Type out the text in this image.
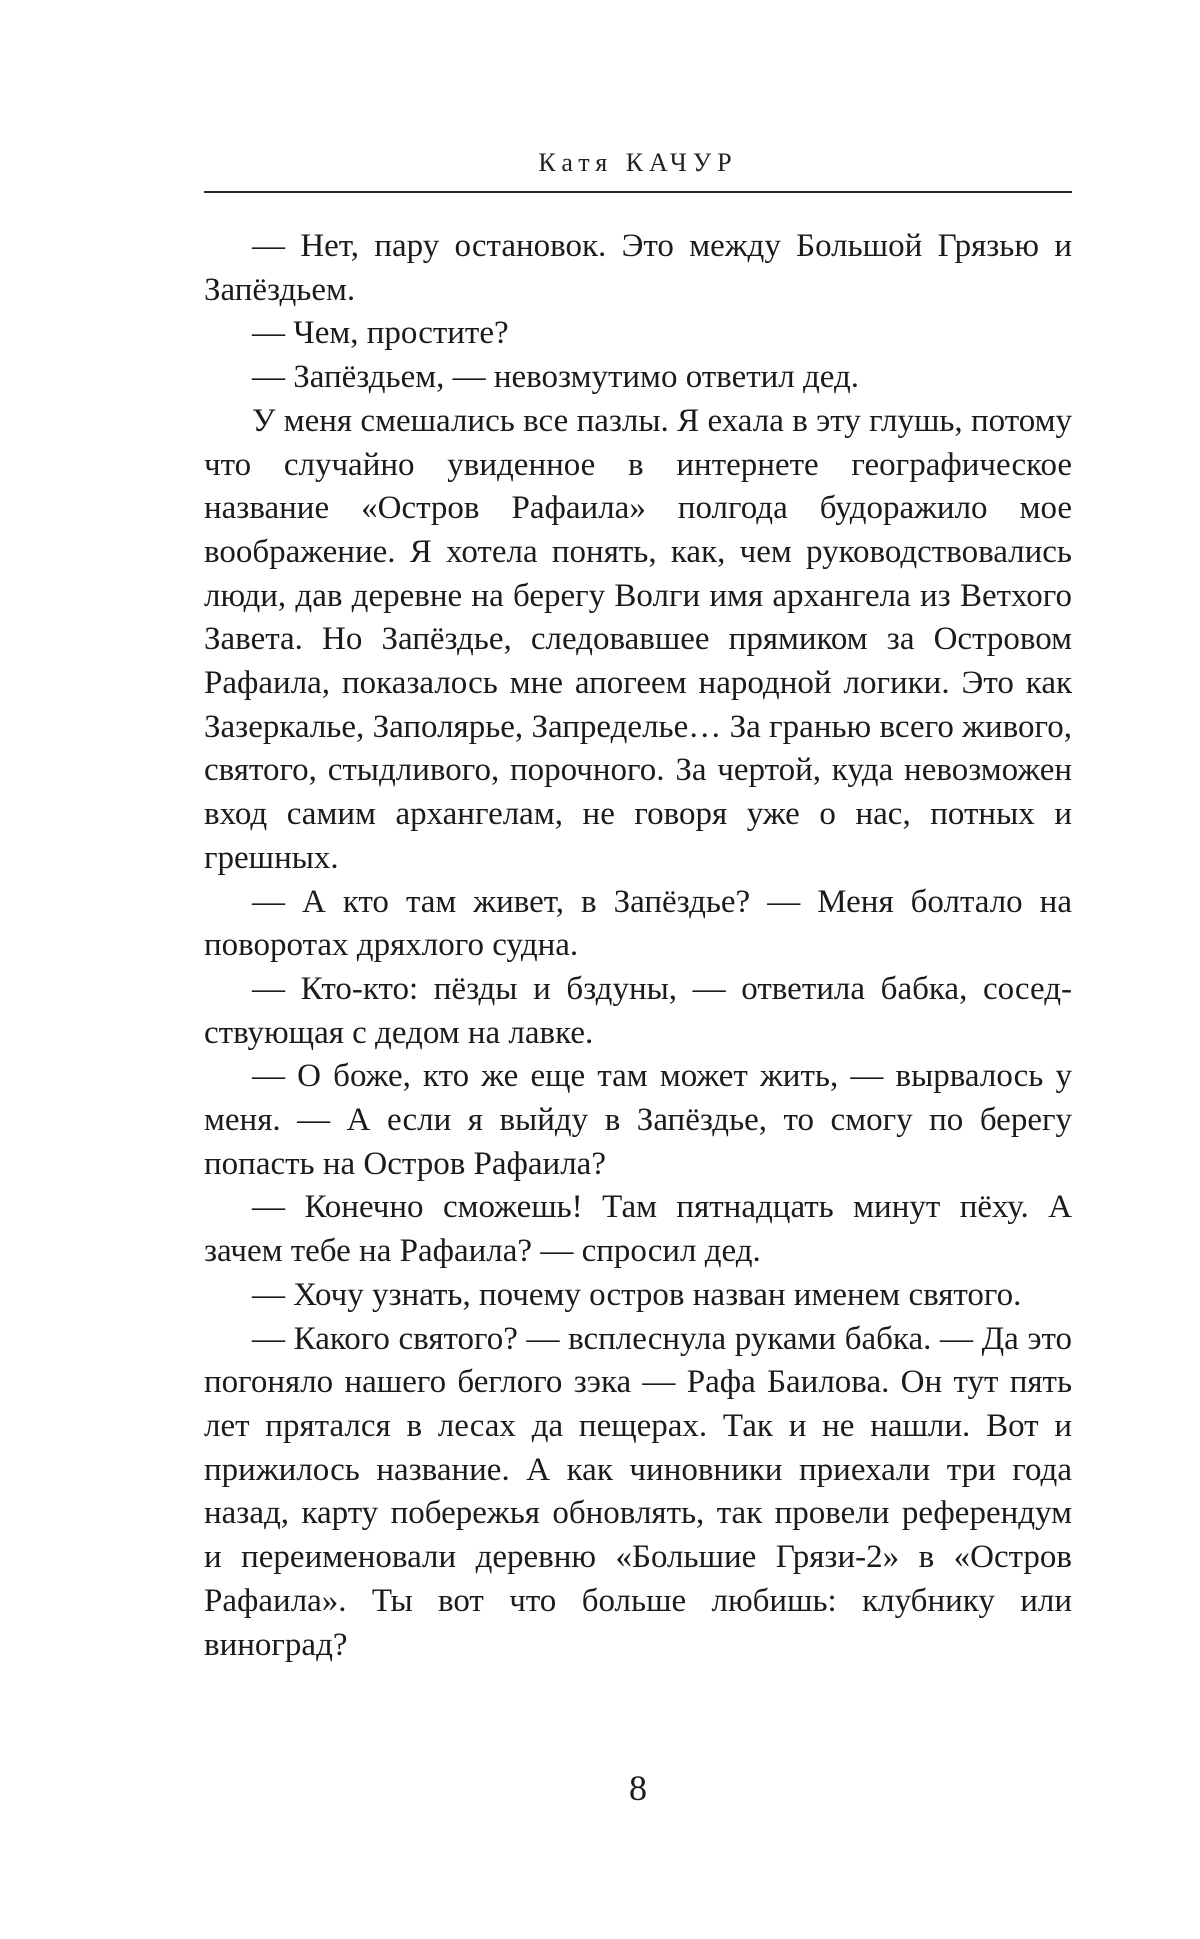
Катя КАЧУР

— Нет, пару остановок. Это между Большой Грязью и Запёздьем.

— Чем, простите?

— Запёздьем, — невозмутимо ответил дед.

У меня смешались все пазлы. Я ехала в эту глушь, потому что случайно увиденное в интернете географическое название «Остров Рафаила» полгода будоражило мое воображение. Я хотела понять, как, чем руководствовались люди, дав деревне на берегу Волги имя архангела из Ветхого Завета. Но Запёздье, следовавшее прямиком за Островом Рафаила, показалось мне апогеем народной логики. Это как Зазеркалье, Заполярье, Запределье… За гранью всего живого, святого, стыдливого, порочного. За чертой, куда невозможен вход самим архангелам, не говоря уже о нас, потных и грешных.

— А кто там живет, в Запёздье? — Меня болтало на поворотах дряхлого судна.

— Кто-кто: пёзды и бздуны, — ответила бабка, соседствующая с дедом на лавке.

— О боже, кто же еще там может жить, — вырвалось у меня. — А если я выйду в Запёздье, то смогу по берегу попасть на Остров Рафаила?

— Конечно сможешь! Там пятнадцать минут пёху. А зачем тебе на Рафаила? — спросил дед.

— Хочу узнать, почему остров назван именем святого.

— Какого святого? — всплеснула руками бабка. — Да это погоняло нашего беглого зэка — Рафа Баилова. Он тут пять лет прятался в лесах да пещерах. Так и не нашли. Вот и прижилось название. А как чиновники приехали три года назад, карту побережья обновлять, так провели референдум и переименовали деревню «Большие Грязи-2» в «Остров Рафаила». Ты вот что больше любишь: клубнику или виноград?

8
